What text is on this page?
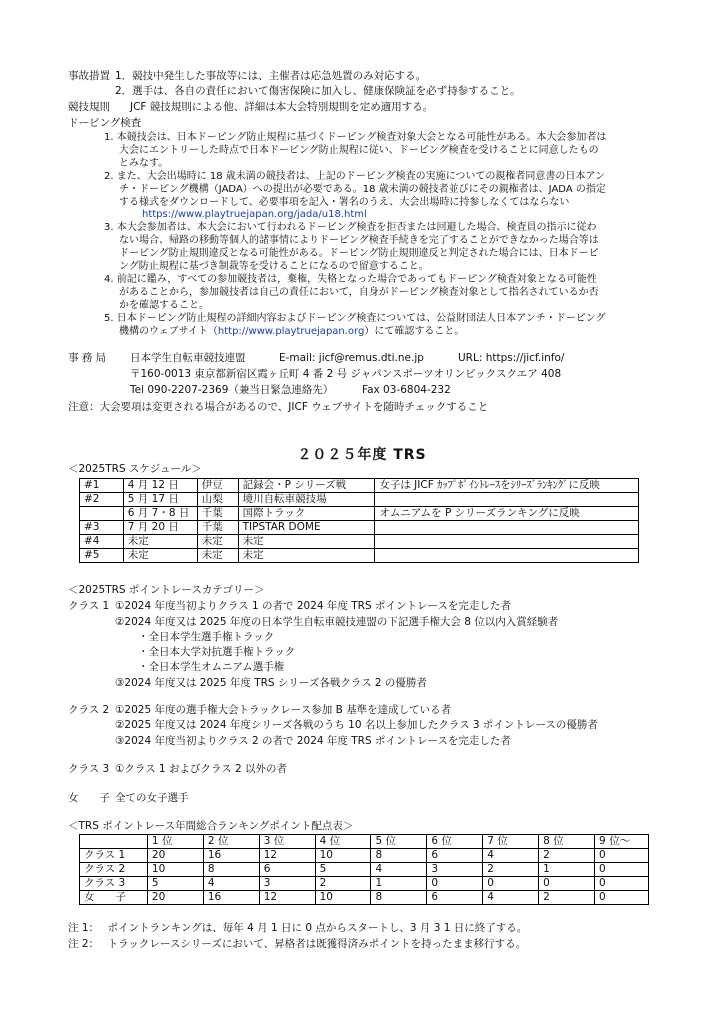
事故措置 1．競技中発生した事故等には、主催者は応急処置のみ対応する。
2．選手は、各自の責任において傷害保険に加入し、健康保険証を必ず持参すること。
競技規則 JCF 競技規則による他、詳細は本大会特別規則を定め適用する。
ドーピング検査
1. 本競技会は、日本ドーピング防止規程に基づくドーピング検査対象大会となる可能性がある。本大会参加者は
大会にエントリーした時点で日本ドーピング防止規程に従い、ドーピング検査を受けることに同意したもの
とみなす。
2. また、大会出場時に 18 歳未満の競技者は、上記のドーピング検査の実施についての親権者同意書の日本アン
チ・ドーピング機構（JADA）への提出が必要である。18 歳未満の競技者並びにその親権者は、JADA の指定
する様式をダウンロードして、必要事項を記入・署名のうえ、大会出場時に持参しなくてはならない
https://www.playtruejapan.org/jada/u18.html
3. 本大会参加者は、本大会において行われるドーピング検査を拒否または回避した場合、検査員の指示に従わ
ない場合、帰路の移動等個人的諸事情によりドーピング検査手続きを完了することができなかった場合等は
ドーピング防止規則違反となる可能性がある。ドーピング防止規則違反と判定された場合には、日本ドーピ
ング防止規程に基づき制裁等を受けることになるので留意すること。
4. 前記に鑑み，すべての参加競技者は，棄権，失格となった場合であってもドーピング検査対象となる可能性
があることから，参加競技者は自己の責任において，自身がドーピング検査対象として指名されているか否
かを確認すること。
5. 日本ドーピング防止規程の詳細内容およびドーピング検査については、公益財団法人日本アンチ・ドーピング
機構のウェブサイト（http://www.playtruejapan.org）にて確認すること。
事 務 局 日本学生自転車競技連盟	E-mail: jicf@remus.dti.ne.jp	URL: https://jicf.info/
〒160-0013 東京都新宿区霞ヶ丘町 4 番 2 号 ジャパンスポーツオリンピックスクエア 408
Tel 090-2207-2369（兼当日緊急連絡先）	Fax 03-6804-232
注意：大会要項は変更される場合があるので、JICF ウェブサイトを随時チェックすること
２０２５年度 TRS
＜2025TRS スケジュール＞
#1	4 月 12 日	伊豆	記録会・P シリーズ戦	女子は JICF ｶｯﾌﾟﾎﾟｲﾝﾄﾚｰｽをｼﾘｰｽﾞﾗﾝｷﾝｸﾞに反映
#2	5 月 17 日	山梨	境川自転車競技場	
	6 月 7・8 日	千葉	国際トラック	オムニアムを P シリーズランキングに反映
#3	7 月 20 日	千葉	TIPSTAR DOME	
#4	未定	未定	未定	
#5	未定	未定	未定	
＜2025TRS ポイントレースカテゴリー＞
クラス 1 ①2024 年度当初よりクラス 1 の者で 2024 年度 TRS ポイントレースを完走した者
②2024 年度又は 2025 年度の日本学生自転車競技連盟の下記選手権大会 8 位以内入賞経験者
・全日本学生選手権トラック
・全日本大学対抗選手権トラック
・全日本学生オムニアム選手権
③2024 年度又は 2025 年度 TRS シリーズ各戦クラス 2 の優勝者
クラス 2 ①2025 年度の選手権大会トラックレース参加 B 基準を達成している者
②2025 年度又は 2024 年度シリーズ各戦のうち 10 名以上参加したクラス 3 ポイントレースの優勝者
③2024 年度当初よりクラス 2 の者で 2024 年度 TRS ポイントレースを完走した者
クラス 3 ①クラス 1 およびクラス 2 以外の者
女　　子 全ての女子選手
＜TRS ポイントレース年間総合ランキングポイント配点表＞
	1 位	2 位	3 位	4 位	5 位	6 位	7 位	8 位	9 位～
クラス 1	20	16	12	10	8	6	4	2	0
クラス 2	10	8	6	5	4	3	2	1	0
クラス 3	5	4	3	2	1	0	0	0	0
女　　子	20	16	12	10	8	6	4	2	0
注 1：　 ポイントランキングは、毎年 4 月 1 日に 0 点からスタートし、3 月 3 1 日に終了する。
注 2：　 トラックレースシリーズにおいて、昇格者は既獲得済みポイントを持ったまま移行する。
